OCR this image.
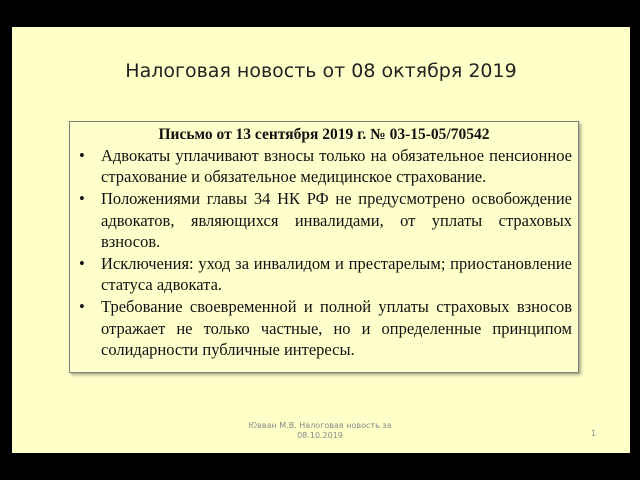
Налоговая новость от 08 октября 2019
Письмо от 13 сентября 2019 г. № 03-15-05/70542
• Адвокаты уплачивают взносы только на обязательное пенсионное страхование и обязательное медицинское страхование.
• Положениями главы 34 НК РФ не предусмотрено освобождение адвокатов, являющихся инвалидами, от уплаты страховых взносов.
• Исключения: уход за инвалидом и престарелым; приостановление статуса адвоката.
• Требование своевременной и полной уплаты страховых взносов отражает не только частные, но и определенные принципом солидарности публичные интересы.
Ювван М.В. Налоговая новость за
08.10.2019	1
